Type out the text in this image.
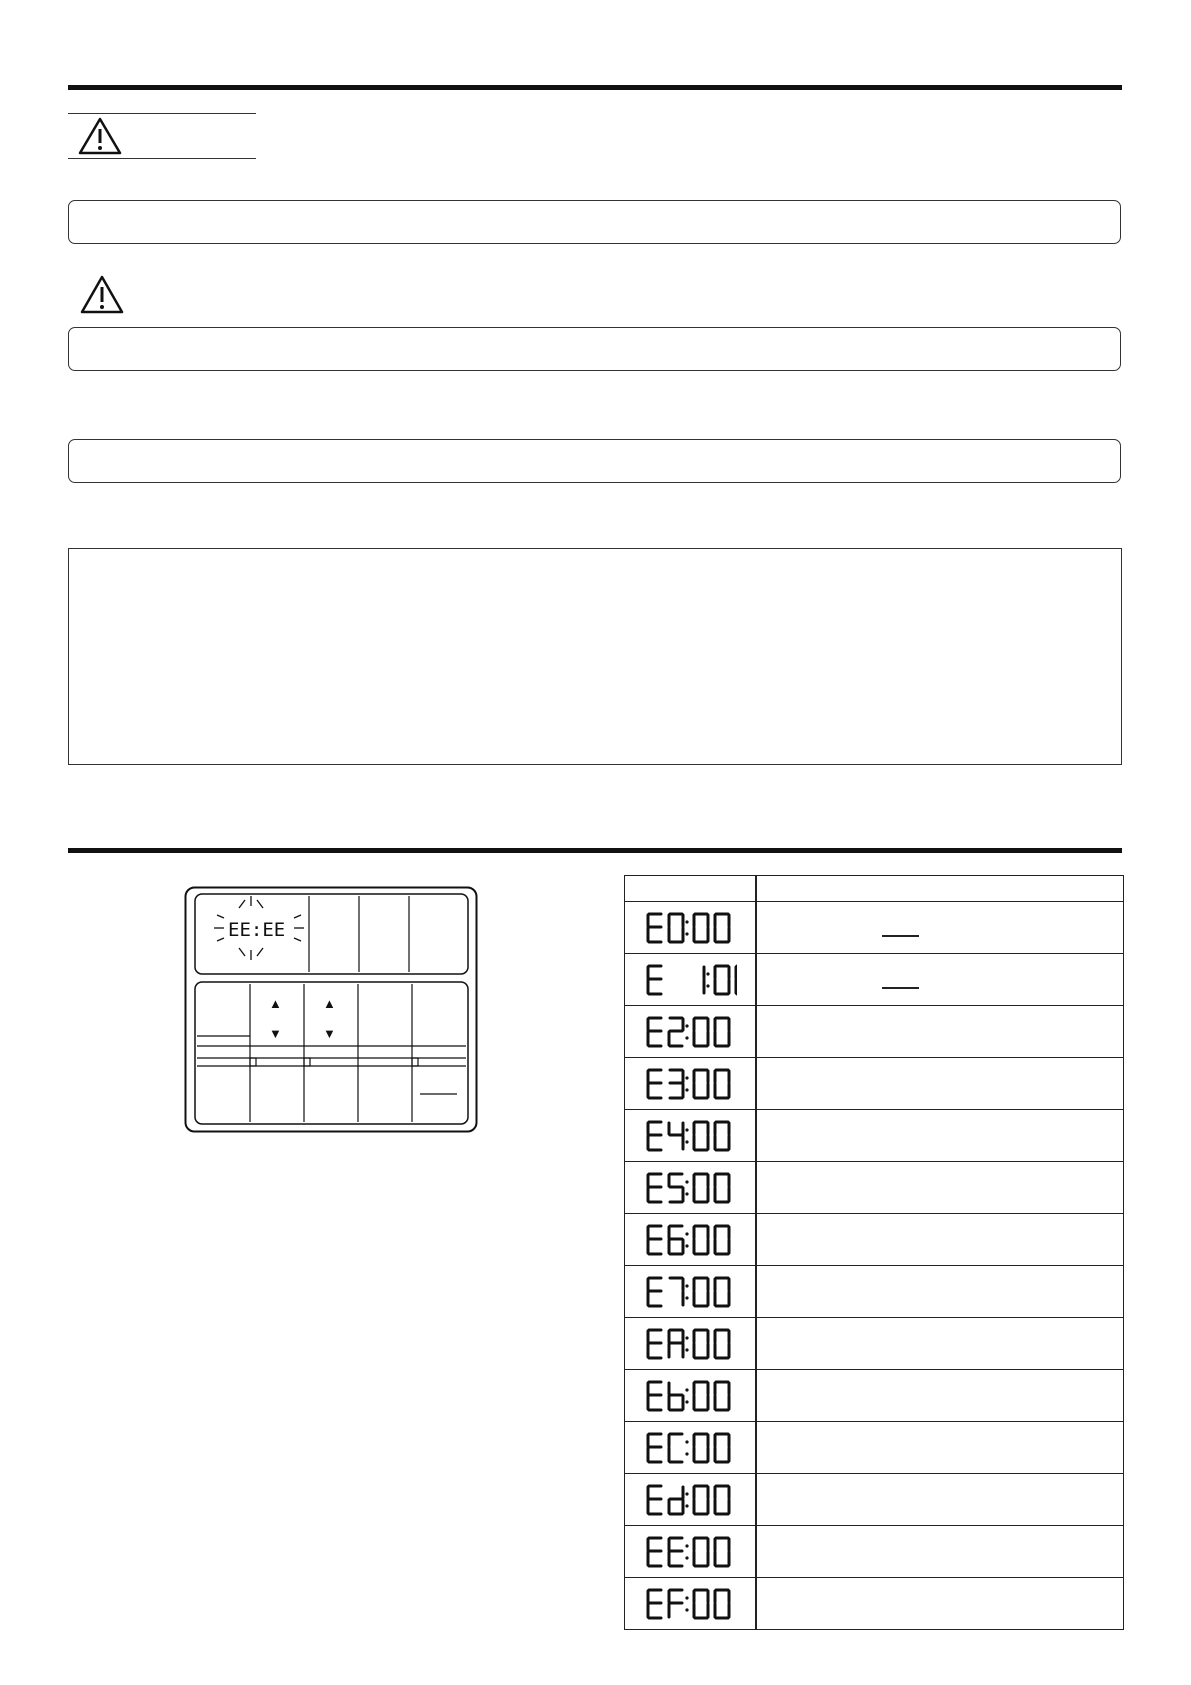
EE:EE
▲	▲
▼	▼
